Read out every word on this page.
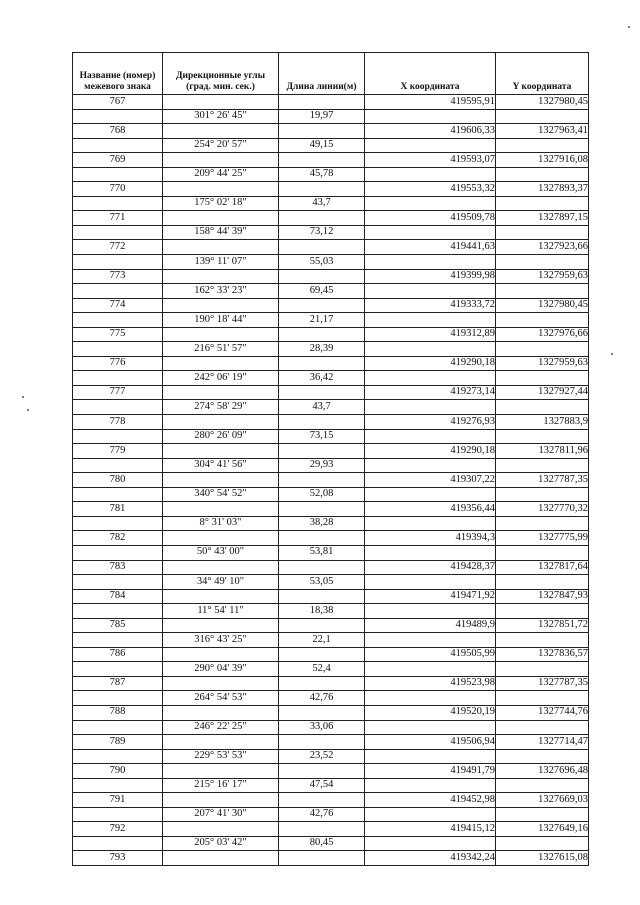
Название (номер) межевого знака	Дирекционные углы (град. мин. сек.)	Длина линии(м)	X координата	Y координата
767			419595,91	1327980,45
	301° 26' 45"	19,97		
768			419606,33	1327963,41
	254° 20' 57"	49,15		
769			419593,07	1327916,08
	209° 44' 25"	45,78		
770			419553,32	1327893,37
	175° 02' 18"	43,7		
771			419509,78	1327897,15
	158° 44' 39"	73,12		
772			419441,63	1327923,66
	139° 11' 07"	55,03		
773			419399,98	1327959,63
	162° 33' 23"	69,45		
774			419333,72	1327980,45
	190° 18' 44"	21,17		
775			419312,89	1327976,66
	216° 51' 57"	28,39		
776			419290,18	1327959,63
	242° 06' 19"	36,42		
777			419273,14	1327927,44
	274° 58' 29"	43,7		
778			419276,93	1327883,9
	280° 26' 09"	73,15		
779			419290,18	1327811,96
	304° 41' 56"	29,93		
780			419307,22	1327787,35
	340° 54' 52"	52,08		
781			419356,44	1327770,32
	8° 31' 03"	38,28		
782			419394,3	1327775,99
	50° 43' 00"	53,81		
783			419428,37	1327817,64
	34° 49' 10"	53,05		
784			419471,92	1327847,93
	11° 54' 11"	18,38		
785			419489,9	1327851,72
	316° 43' 25"	22,1		
786			419505,99	1327836,57
	290° 04' 39"	52,4		
787			419523,98	1327787,35
	264° 54' 53"	42,76		
788			419520,19	1327744,76
	246° 22' 25"	33,06		
789			419506,94	1327714,47
	229° 53' 53"	23,52		
790			419491,79	1327696,48
	215° 16' 17"	47,54		
791			419452,98	1327669,03
	207° 41' 30"	42,76		
792			419415,12	1327649,16
	205° 03' 42"	80,45		
793			419342,24	1327615,08
